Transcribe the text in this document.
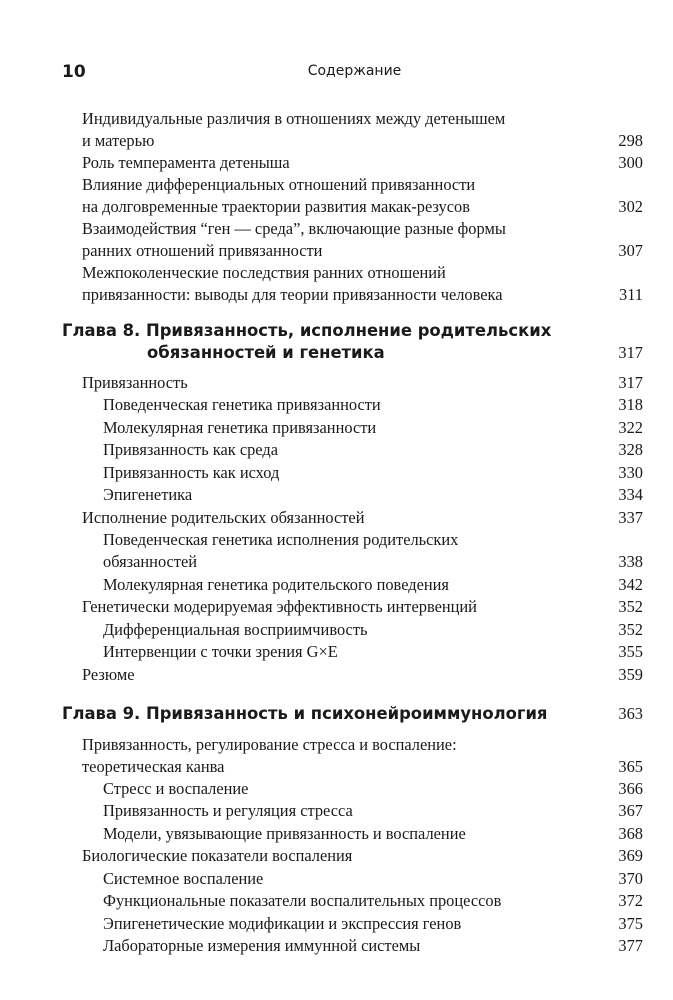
10	Содержание
Индивидуальные различия в отношениях между детенышем
и матерью	298
Роль темперамента детеныша	300
Влияние дифференциальных отношений привязанности
на долговременные траектории развития макак-резусов	302
Взаимодействия “ген — среда”, включающие разные формы
ранних отношений привязанности	307
Межпоколенческие последствия ранних отношений
привязанности: выводы для теории привязанности человека	311
Глава 8. Привязанность, исполнение родительских
обязанностей и генетика	317
Привязанность	317
Поведенческая генетика привязанности	318
Молекулярная генетика привязанности	322
Привязанность как среда	328
Привязанность как исход	330
Эпигенетика	334
Исполнение родительских обязанностей	337
Поведенческая генетика исполнения родительских
обязанностей	338
Молекулярная генетика родительского поведения	342
Генетически модерируемая эффективность интервенций	352
Дифференциальная восприимчивость	352
Интервенции с точки зрения G×E	355
Резюме	359
Глава 9. Привязанность и психонейроиммунология	363
Привязанность, регулирование стресса и воспаление:
теоретическая канва	365
Стресс и воспаление	366
Привязанность и регуляция стресса	367
Модели, увязывающие привязанность и воспаление	368
Биологические показатели воспаления	369
Системное воспаление	370
Функциональные показатели воспалительных процессов	372
Эпигенетические модификации и экспрессия генов	375
Лабораторные измерения иммунной системы	377
